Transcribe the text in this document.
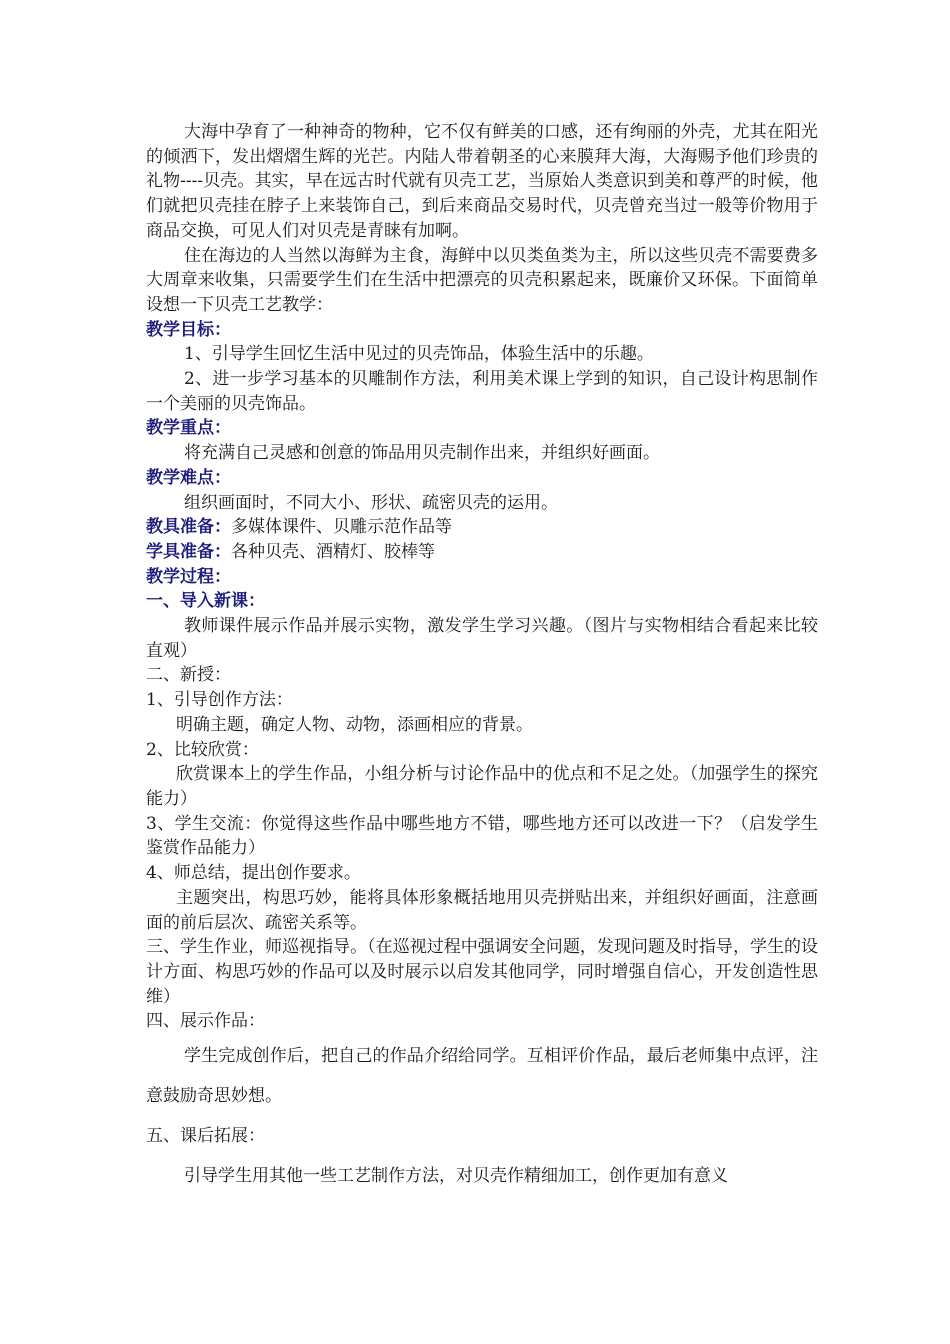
大海中孕育了一种神奇的物种，它不仅有鲜美的口感，还有绚丽的外壳，尤其在阳光的倾洒下，发出熠熠生辉的光芒。内陆人带着朝圣的心来膜拜大海，大海赐予他们珍贵的礼物----贝壳。其实，早在远古时代就有贝壳工艺，当原始人类意识到美和尊严的时候，他们就把贝壳挂在脖子上来装饰自己，到后来商品交易时代，贝壳曾充当过一般等价物用于商品交换，可见人们对贝壳是青睐有加啊。

住在海边的人当然以海鲜为主食，海鲜中以贝类鱼类为主，所以这些贝壳不需要费多大周章来收集，只需要学生们在生活中把漂亮的贝壳积累起来，既廉价又环保。下面简单设想一下贝壳工艺教学：

教学目标：

1、引导学生回忆生活中见过的贝壳饰品，体验生活中的乐趣。

2、进一步学习基本的贝雕制作方法，利用美术课上学到的知识，自己设计构思制作一个美丽的贝壳饰品。

教学重点：

将充满自己灵感和创意的饰品用贝壳制作出来，并组织好画面。

教学难点：

组织画面时，不同大小、形状、疏密贝壳的运用。

教具准备：多媒体课件、贝雕示范作品等

学具准备：各种贝壳、酒精灯、胶棒等

教学过程：

一、导入新课：

教师课件展示作品并展示实物，激发学生学习兴趣。（图片与实物相结合看起来比较直观）

二、新授：

1、引导创作方法：

明确主题，确定人物、动物，添画相应的背景。

2、比较欣赏：

欣赏课本上的学生作品，小组分析与讨论作品中的优点和不足之处。（加强学生的探究能力）

3、学生交流：你觉得这些作品中哪些地方不错，哪些地方还可以改进一下？（启发学生鉴赏作品能力）

4、师总结，提出创作要求。

主题突出，构思巧妙，能将具体形象概括地用贝壳拼贴出来，并组织好画面，注意画面的前后层次、疏密关系等。

三、学生作业，师巡视指导。（在巡视过程中强调安全问题，发现问题及时指导，学生的设计方面、构思巧妙的作品可以及时展示以启发其他同学，同时增强自信心，开发创造性思维）

四、展示作品：

学生完成创作后，把自己的作品介绍给同学。互相评价作品，最后老师集中点评，注意鼓励奇思妙想。

五、课后拓展：

引导学生用其他一些工艺制作方法，对贝壳作精细加工，创作更加有意义
